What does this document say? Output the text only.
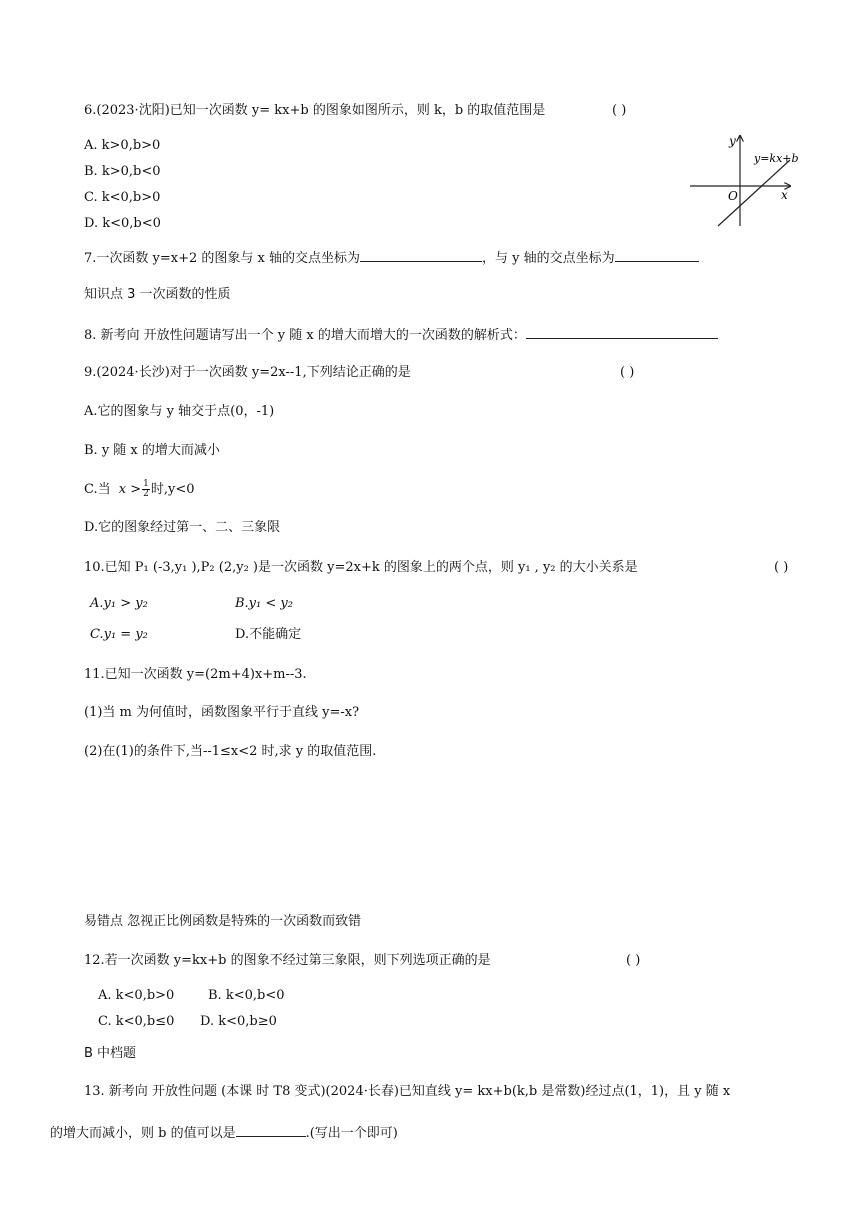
6.(2023·沈阳)已知一次函数 y= kx+b 的图象如图所示，则 k，b 的取值范围是	( )
A. k>0,b>0
B. k>0,b<0
C. k<0,b>0
D. k<0,b<0
y
x
O
y=kx+b
7.一次函数 y=x+2 的图象与 x 轴的交点坐标为	，与 y 轴的交点坐标为
知识点 3 一次函数的性质
8. 新考向 开放性问题请写出一个 y 随 x 的增大而增大的一次函数的解析式：
9.(2024·长沙)对于一次函数 y=2x--1,下列结论正确的是	( )
A.它的图象与 y 轴交于点(0，-1)
B. y 随 x 的增大而减小
C.当 $x > \frac{1}{2}$ 时,y<0
D.它的图象经过第一、二、三象限
10.已知 P₁ (-3,y₁ ),P₂ (2,y₂ )是一次函数 y=2x+k 的图象上的两个点，则 y₁ , y₂ 的大小关系是	( )
A.y₁ > y₂	B.y₁ < y₂
C.y₁ = y₂	D.不能确定
11.已知一次函数 y=(2m+4)x+m--3.
(1)当 m 为何值时，函数图象平行于直线 y=-x?
(2)在(1)的条件下,当--1≤x<2 时,求 y 的取值范围.
易错点 忽视正比例函数是特殊的一次函数而致错
12.若一次函数 y=kx+b 的图象不经过第三象限，则下列选项正确的是	( )
A. k<0,b>0	B. k<0,b<0
C. k<0,b≤0 D. k<0,b≥0
B 中档题
13. 新考向 开放性问题 (本课 时 T8 变式)(2024·长春)已知直线 y= kx+b(k,b 是常数)经过点(1，1)，且 y 随 x
的增大而减小，则 b 的值可以是	.(写出一个即可)
